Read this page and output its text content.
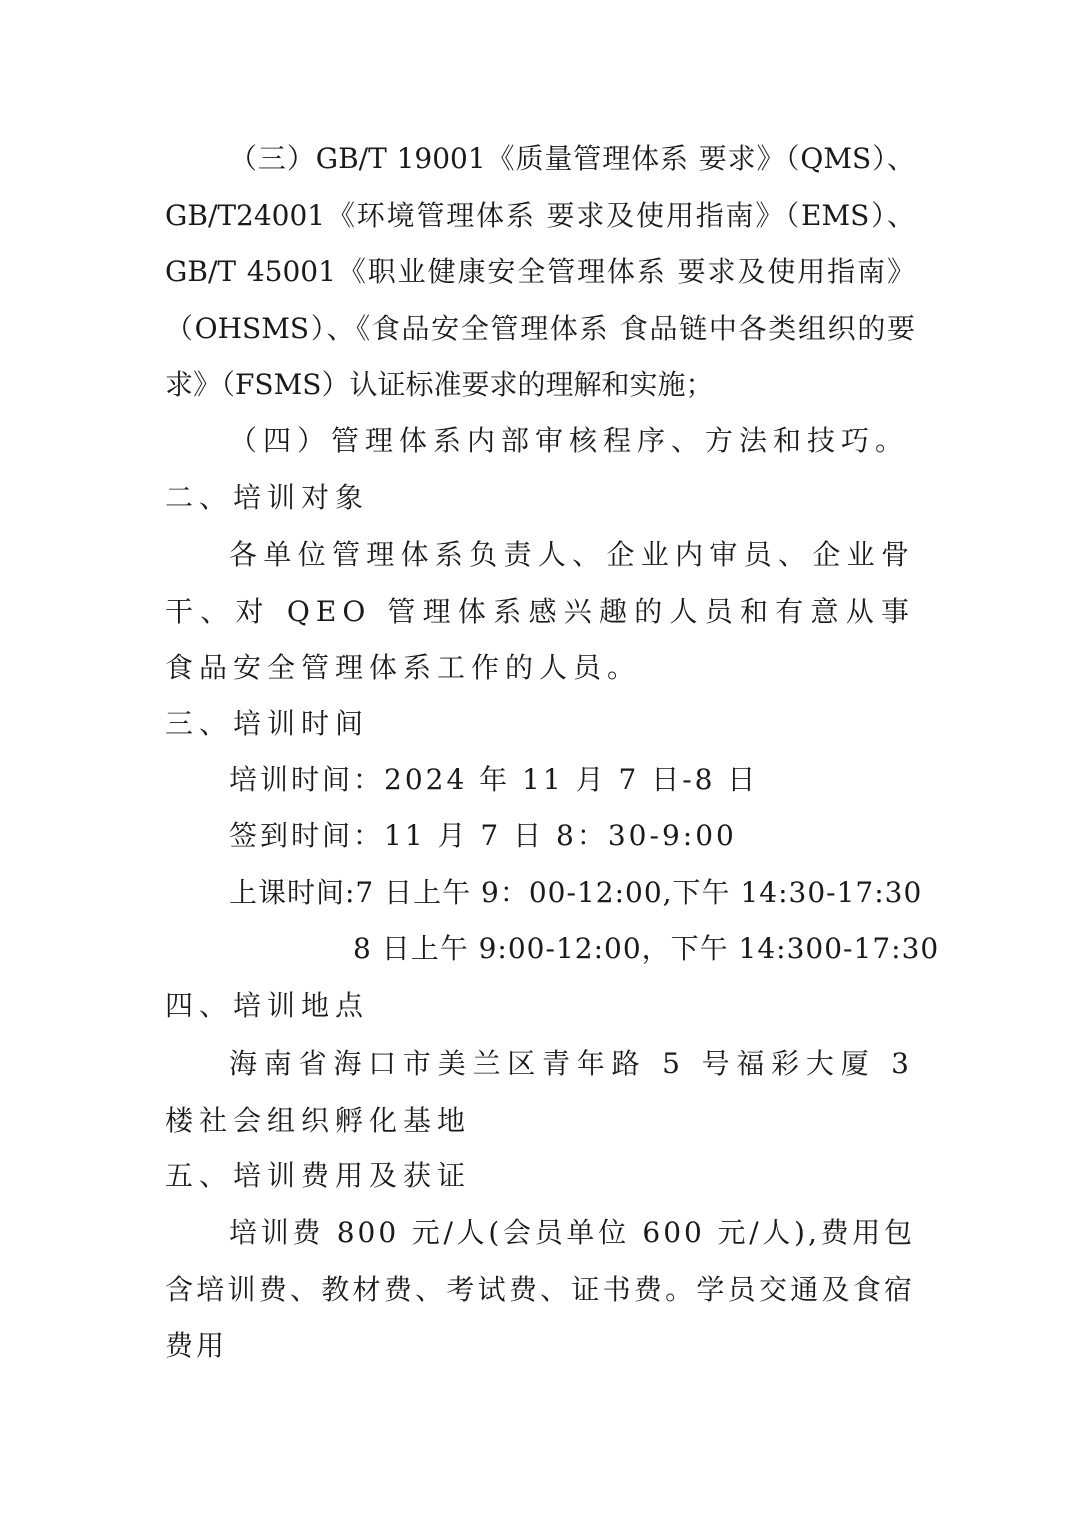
（三）GB/T 19001《质量管理体系 要求》（QMS）、GB/T24001《环境管理体系 要求及使用指南》（EMS）、GB/T 45001《职业健康安全管理体系 要求及使用指南》（OHSMS）、《食品安全管理体系 食品链中各类组织的要求》（FSMS）认证标准要求的理解和实施；
（四）管理体系内部审核程序、方法和技巧。
二、培训对象
各单位管理体系负责人、企业内审员、企业骨干、对 QEO 管理体系感兴趣的人员和有意从事食品安全管理体系工作的人员。
三、培训时间
培训时间：2024 年 11 月 7 日-8 日
签到时间：11 月 7 日 8：30-9:00
上课时间:7 日上午 9：00-12:00,下午 14:30-17:30
8 日上午 9:00-12:00，下午 14:300-17:30
四、培训地点
海南省海口市美兰区青年路 5 号福彩大厦 3 楼社会组织孵化基地
五、培训费用及获证
培训费 800 元/人(会员单位 600 元/人),费用包含培训费、教材费、考试费、证书费。学员交通及食宿费用
